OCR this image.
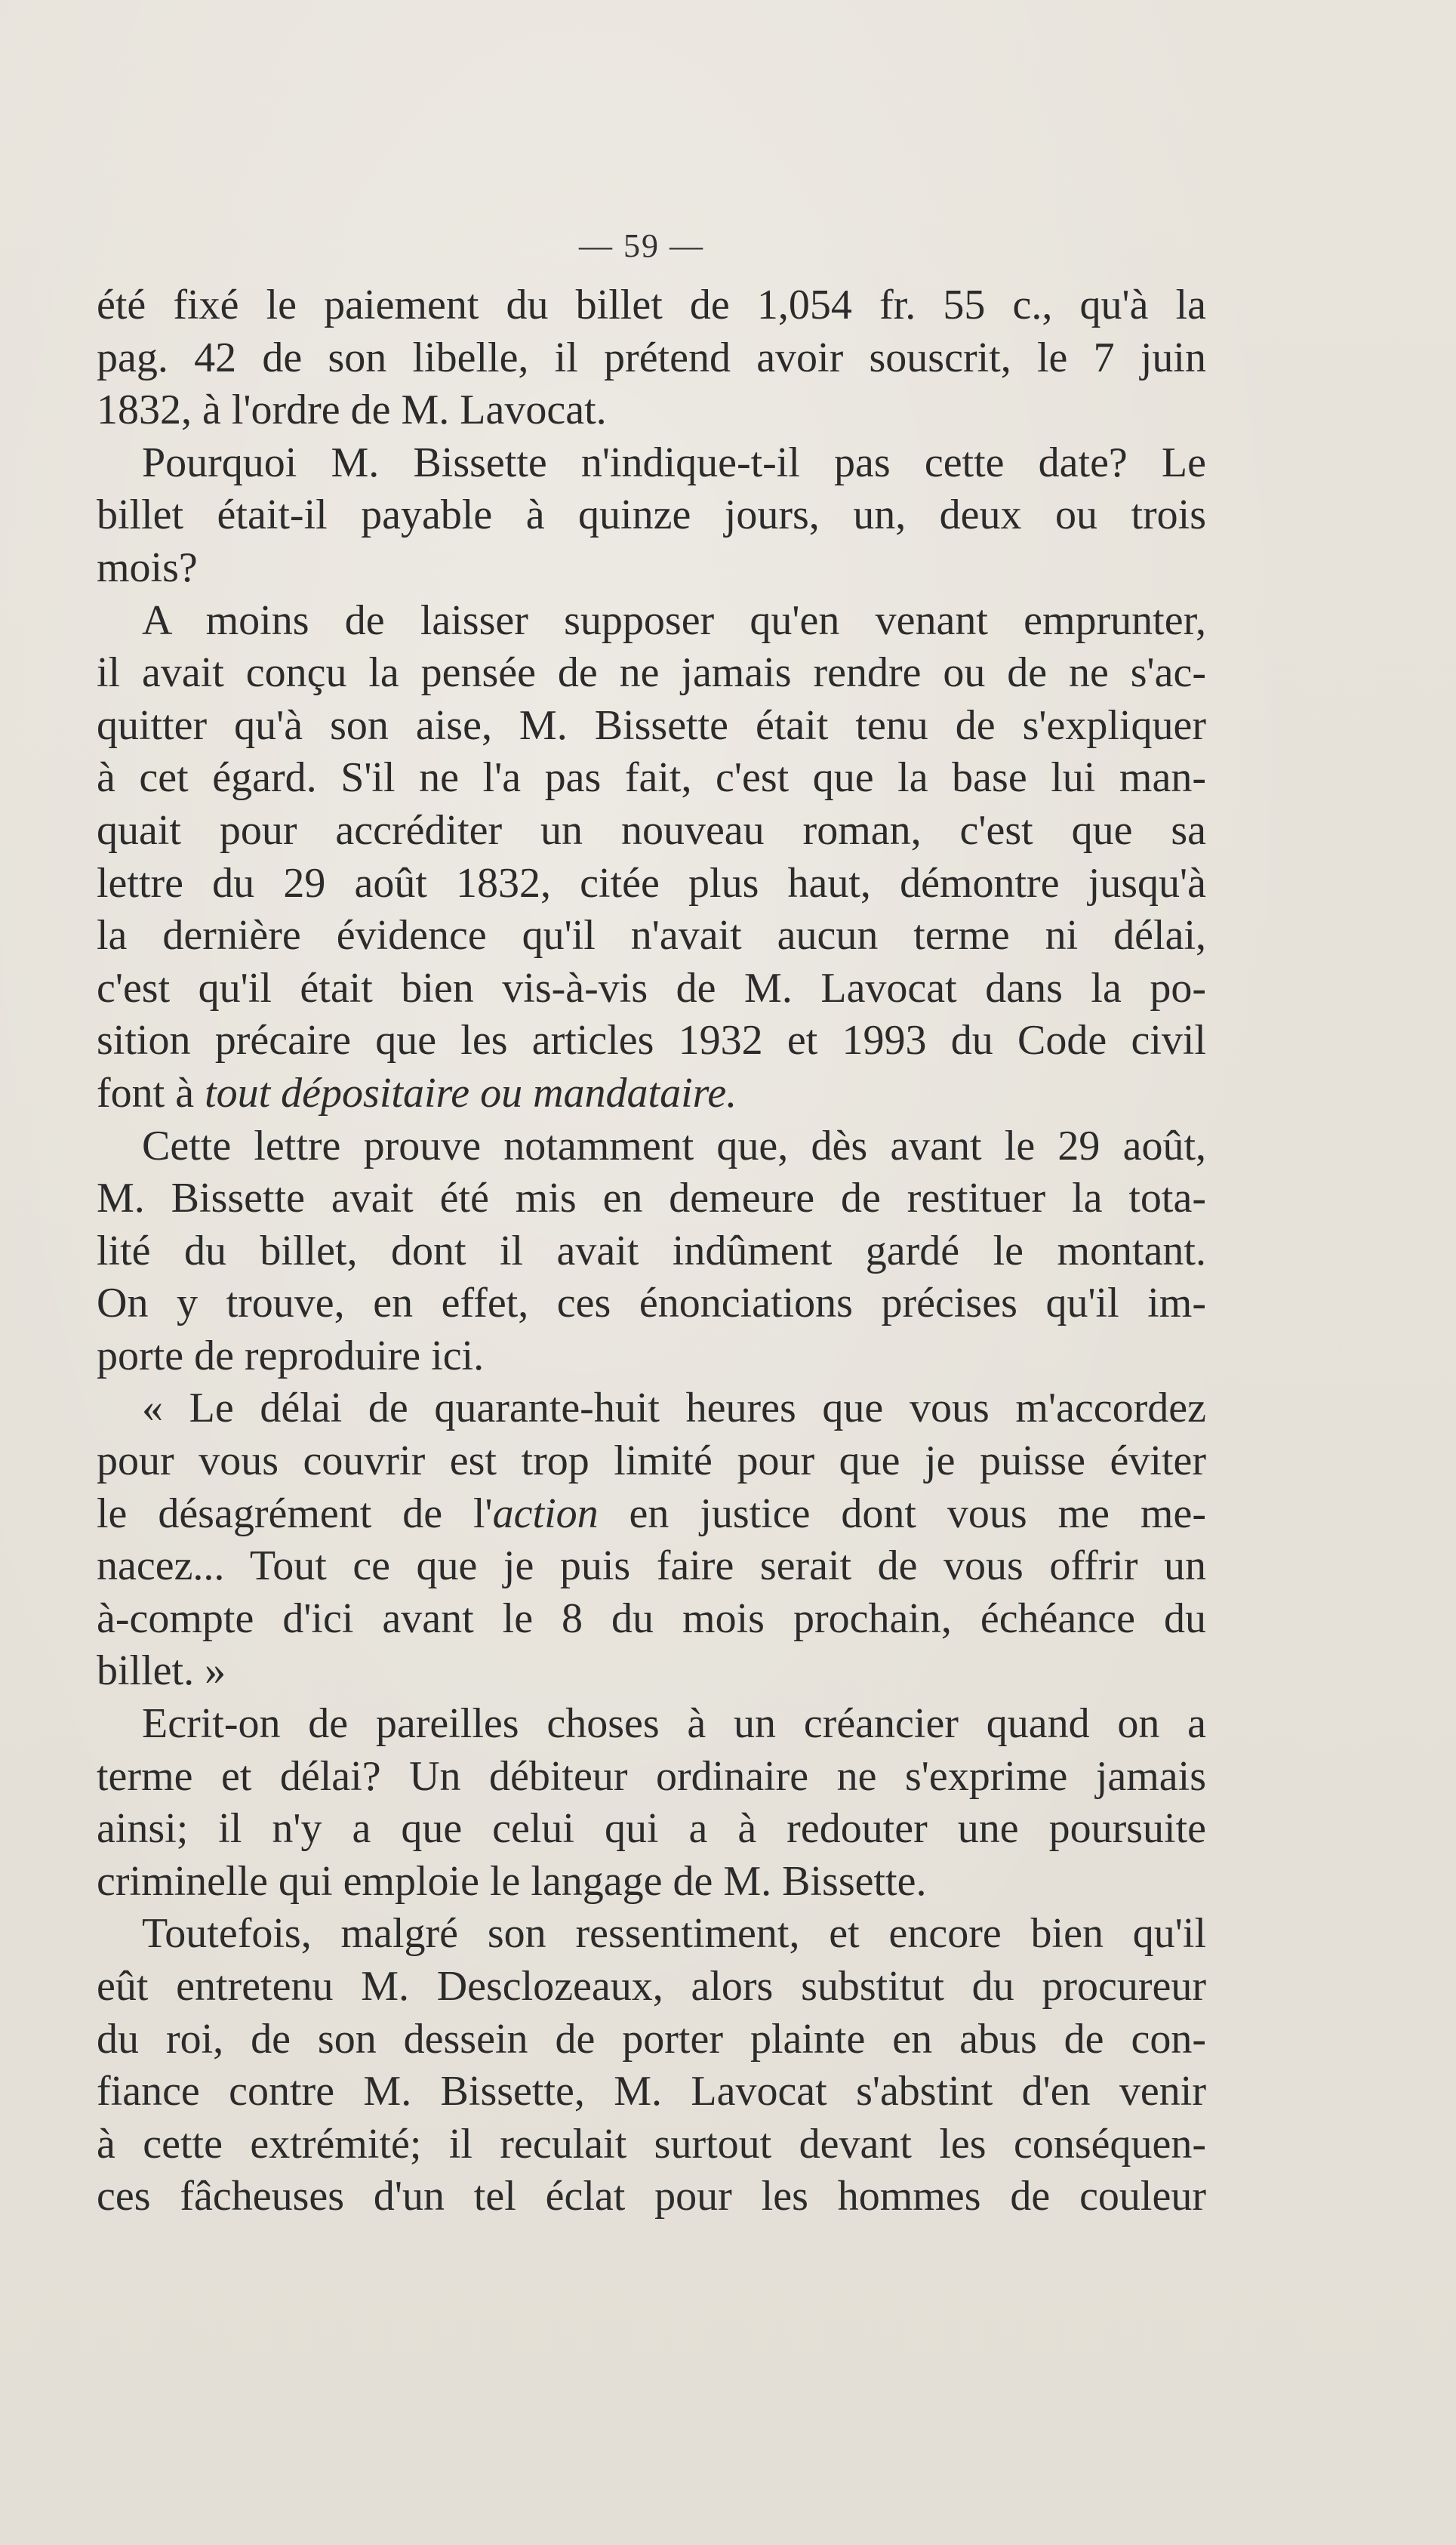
— 59 —
été fixé le paiement du billet de 1,054 fr. 55 c., qu'à la
pag. 42 de son libelle, il prétend avoir souscrit, le 7 juin
1832, à l'ordre de M. Lavocat.
Pourquoi M. Bissette n'indique-t-il pas cette date? Le
billet était-il payable à quinze jours, un, deux ou trois
mois?
A moins de laisser supposer qu'en venant emprunter,
il avait conçu la pensée de ne jamais rendre ou de ne s'ac-
quitter qu'à son aise, M. Bissette était tenu de s'expliquer
à cet égard. S'il ne l'a pas fait, c'est que la base lui man-
quait pour accréditer un nouveau roman, c'est que sa
lettre du 29 août 1832, citée plus haut, démontre jusqu'à
la dernière évidence qu'il n'avait aucun terme ni délai,
c'est qu'il était bien vis-à-vis de M. Lavocat dans la po-
sition précaire que les articles 1932 et 1993 du Code civil
font à tout dépositaire ou mandataire.
Cette lettre prouve notamment que, dès avant le 29 août,
M. Bissette avait été mis en demeure de restituer la tota-
lité du billet, dont il avait indûment gardé le montant.
On y trouve, en effet, ces énonciations précises qu'il im-
porte de reproduire ici.
« Le délai de quarante-huit heures que vous m'accordez
pour vous couvrir est trop limité pour que je puisse éviter
le désagrément de l'action en justice dont vous me me-
nacez... Tout ce que je puis faire serait de vous offrir un
à-compte d'ici avant le 8 du mois prochain, échéance du
billet. »
Ecrit-on de pareilles choses à un créancier quand on a
terme et délai? Un débiteur ordinaire ne s'exprime jamais
ainsi; il n'y a que celui qui a à redouter une poursuite
criminelle qui emploie le langage de M. Bissette.
Toutefois, malgré son ressentiment, et encore bien qu'il
eût entretenu M. Desclozeaux, alors substitut du procureur
du roi, de son dessein de porter plainte en abus de con-
fiance contre M. Bissette, M. Lavocat s'abstint d'en venir
à cette extrémité; il reculait surtout devant les conséquen-
ces fâcheuses d'un tel éclat pour les hommes de couleur
